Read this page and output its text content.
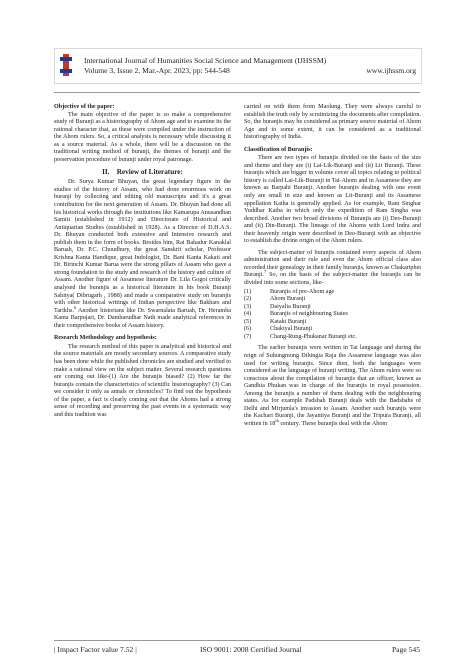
International Journal of Humanities Social Science and Management (IJHSSM)
Volume 3, Issue 2, Mar.-Apr. 2023, pp: 544-548	www.ijhssm.org

Objective of the paper:

The main objective of the paper is so make a comprehensive study of Buranji as a historiography of Ahom age and to examine its the rational character that, as these were compiled under the instruction of the Ahom rulers. So, a critical analysis is necessary while discussing it as a source material. As a whole, there will be a discussion on the traditional writing method of buranji, the themes of buranji and the preservation procedure of buranji under royal patronage.

II. Review of Literature:

Dr. Surya Kumar Bhuyan, the great legendary figure in the studies of the history of Assam, who had done enormous work on buranji by collecting and editing old manuscripts and it's a great contribution for the next generation of Assam. Dr. Bhuyan had done all his historical works through the institutions like Kamarupa Anusandhan Samiti (established in 1912) and Directorate of Historical and Antiquarian Studies (established in 1928). As a Director of D.H.A.S. Dr. Bhuyan conducted both extensive and Intensive research and publish them in the form of books. Besides him, Rai Bahadur Kanaklal Baruah, Dr. P.C. Choudhury, the great Sanskrit scholar, Professor Krishna Kanta Handique, great Indologist, Dr. Bani Kanta Kakati and Dr. Birinchi Kumar Barua were the strong pillars of Assam who gave a strong foundation to the study and research of the history and culture of Assam. Another figure of Assamese literature Dr. Lila Gogoi critically analysed the buranjis as a historical literature in his book Buranji Sahitya( Dibrugarh , 1988) and made a comparative study on buranjis with other historical writings of Indian perspective like Bakhars and Tarikhs.$^6$ Another historians like Dr. Swarnalata Baruah, Dr. Heramba Kanta Barpujari, Dr. Dambarudhar Nath made analytical references in their comprehensive books of Assam history.

Research Methodology and hypothesis:

The research method of this paper is analytical and historical and the source materials are mostly secondary sources. A comparative study has been done while the published chronicles are studied and verified to make a rational view on the subject matter. Several research questions are coming out like-(1) Are the buranjis biased? (2) How far the buranjis contain the characteristics of scientific historiography? (3) Can we consider it only as annals or chronicles? To find out the hypothesis of the paper, a fact is clearly coming out that the Ahoms had a strong sense of recording and preserving the past events in a systematic way and this tradition was

carried on with them from Maolung. They were always careful to establish the truth only by scrutinizing the documents after compilation. So, the buranjis may be considered as primary source material of Ahom Age and to some extent, it can be considered as a traditional historiography of India.

Classification of Buranjis:

There are two types of buranjis divided on the basis of the size and theme and they are (i) Lai-Lik-Buranji and (ii) Lit Buranji. These buranjis which are bigger in volume cover all topics relating to political history is called Lai-Lik-Buranji in Tai-Ahom and in Assamese they are known as Barpahi Buranji. Another buranjis dealing with one event only are small in size and known as Lit-Buranji and its Assamese appellation Katha is generally applied. As for example, Ram Singhar Yuddhar Katha in which only the expedition of Ram Singha was described. Another two broad divisions of Buranjis are (i) Deo-Buranji and (ii) Din-Buranji. The lineage of the Ahoms with Lord Indra and their heavenly origin were described in Deo-Buranji with an objective to establish the divine origin of the Ahom rulers.

The subject-matter of buranjis contained every aspects of Ahom administration and their rule and even the Ahom official class also recorded their genealogy in their family buranjis, known as Chakariphei Buranji.$^7$ So, on the basis of the subject-matter the buranjis can be divided into some sections, like-

(1)	Buranjis of pre-Ahom age
(2)	Ahom Buranji
(3)	Daiyalia Buranji
(4)	Buranjis of neighbouring States
(5)	Kataki Buranji
(6)	Chakiyal Buranji
(7)	Chang-Rung-Phukanar Buranji etc.

The earlier buranjis were written in Tai language and during the reign of Suhungmung Dihingia Raja the Assamese language was also used for writing buranjis. Since then, both the languages were considered as the language of buranji writing. The Ahom rulers were so conscious about the compilation of buranjis that an officer, known as Gandhia Phukan was in charge of the buranjis in royal possession. Among the buranjis a number of them dealing with the neighbouring states. As for example Padshah Buranji deals with the Badshahs of Delhi and Mirjumla's invasion to Assam. Another such buranjis were the Kachari Buranji, the Jayantiya Buranji and the Tripura Buranji, all written in 18th century. These buranjis deal with the Ahom

| Impact Factor value 7.52 |	ISO 9001: 2008 Certified Journal	Page 545
